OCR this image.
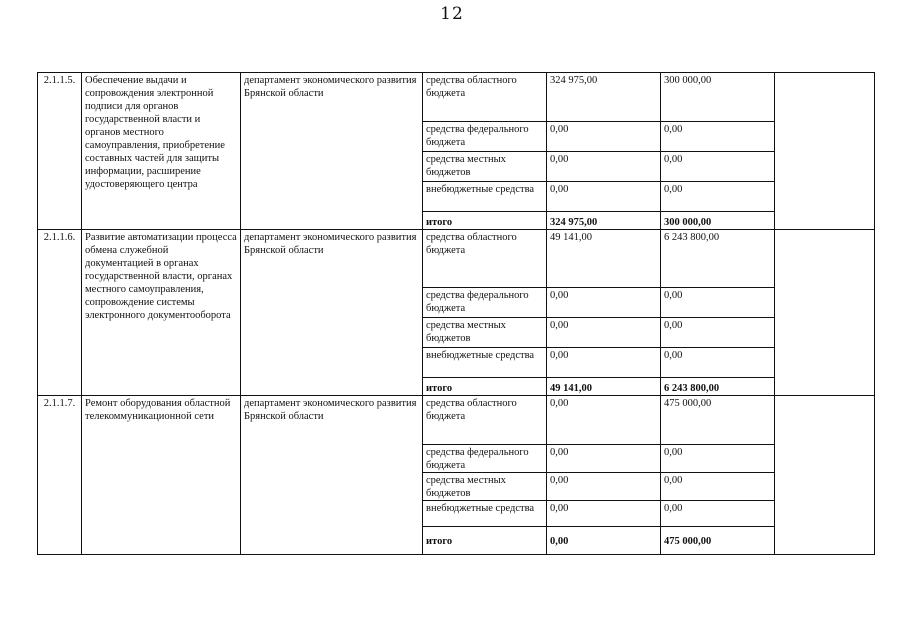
12
2.1.1.5.	Обеспечение выдачи и сопровождения электронной подписи для органов государственной власти и органов местного самоуправления, приобретение составных частей для защиты информации, расширение удостоверяющего центра	департамент экономического развития Брянской области	средства областного бюджета	324 975,00	300 000,00	
			средства федерального бюджета	0,00	0,00	
			средства местных бюджетов	0,00	0,00	
			внебюджетные средства	0,00	0,00	
			итого	324 975,00	300 000,00	
2.1.1.6.	Развитие автоматизации процесса обмена служебной документацией в органах государственной власти, органах местного самоуправления, сопровождение системы электронного документооборота	департамент экономического развития Брянской области	средства областного бюджета	49 141,00	6 243 800,00	
			средства федерального бюджета	0,00	0,00	
			средства местных бюджетов	0,00	0,00	
			внебюджетные средства	0,00	0,00	
			итого	49 141,00	6 243 800,00	
2.1.1.7.	Ремонт оборудования областной телекоммуникационной сети	департамент экономического развития Брянской области	средства областного бюджета	0,00	475 000,00	
			средства федерального бюджета	0,00	0,00	
			средства местных бюджетов	0,00	0,00	
			внебюджетные средства	0,00	0,00	
			итого	0,00	475 000,00	
